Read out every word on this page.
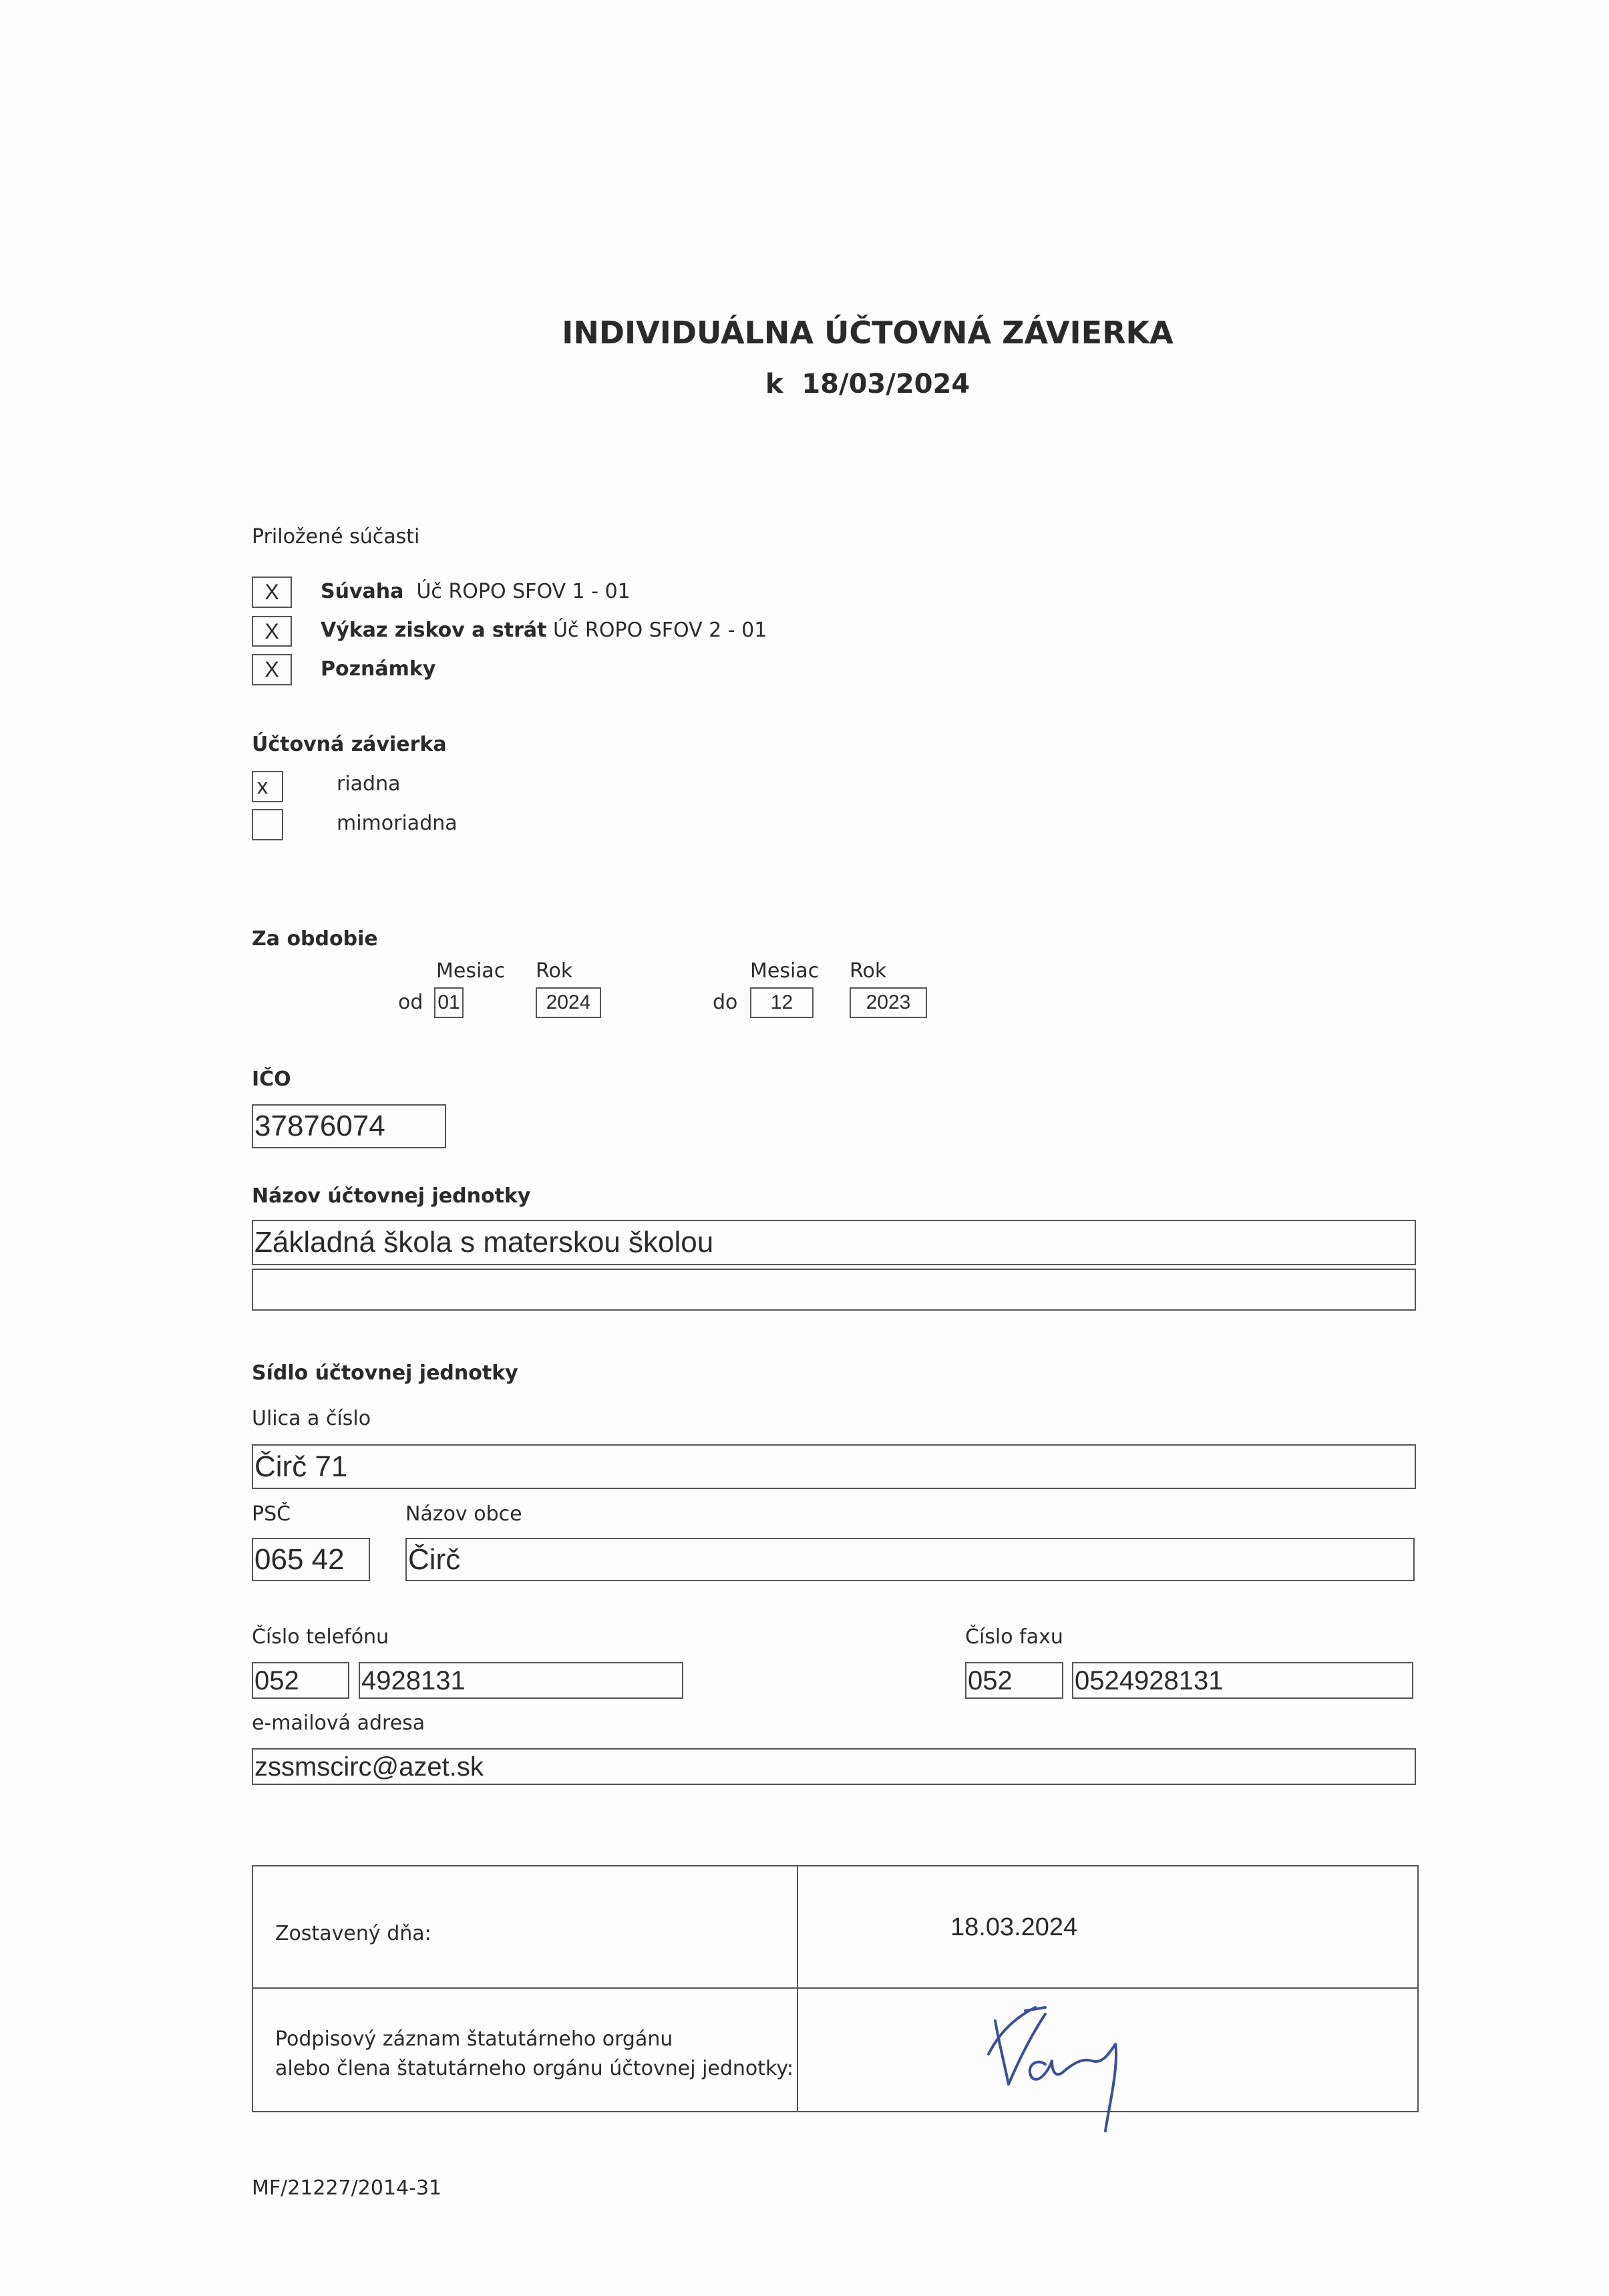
INDIVIDUÁLNA ÚČTOVNÁ ZÁVIERKA
k 18/03/2024
Priložené súčasti
X Súvaha Úč ROPO SFOV 1 - 01
X Výkaz ziskov a strát Úč ROPO SFOV 2 - 01
X Poznámky
Účtovná závierka
x	riadna
mimoriadna
Za obdobie
Mesiac Rok	Mesiac Rok
od 01	2024	do	12	2023
IČO
37876074
Názov účtovnej jednotky
Základná škola s materskou školou
Sídlo účtovnej jednotky
Ulica a číslo
Čirč 71
PSČ	Názov obce
065 42 Čirč
Číslo telefónu	Číslo faxu
052 4928131	052 0524928131
e-mailová adresa
zssmscirc@azet.sk
Zostavený dňa:	18.03.2024
Podpisový záznam štatutárneho orgánu
alebo člena štatutárneho orgánu účtovnej jednotky:
MF/21227/2014-31
